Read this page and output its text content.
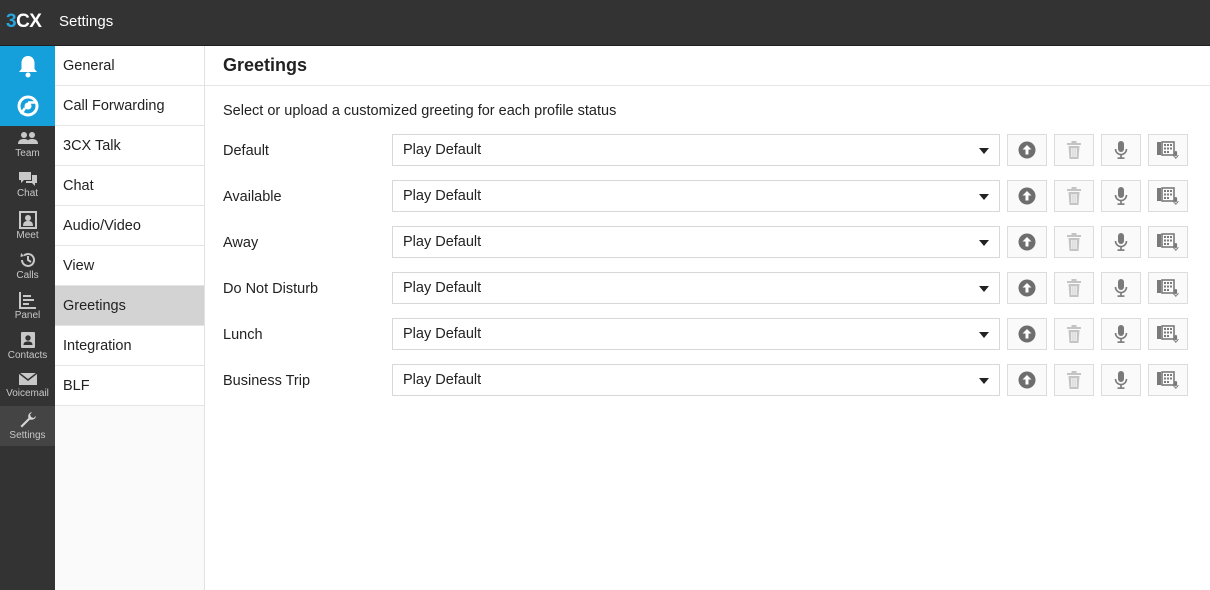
3CX Settings
Team
Chat
Meet
Calls
Panel
Contacts
Voicemail
Settings
General
Call Forwarding
3CX Talk
Chat
Audio/Video
View
Greetings
Integration
BLF
Greetings
Select or upload a customized greeting for each profile status
Default	Play Default
Available	Play Default
Away	Play Default
Do Not Disturb	Play Default
Lunch	Play Default
Business Trip	Play Default
